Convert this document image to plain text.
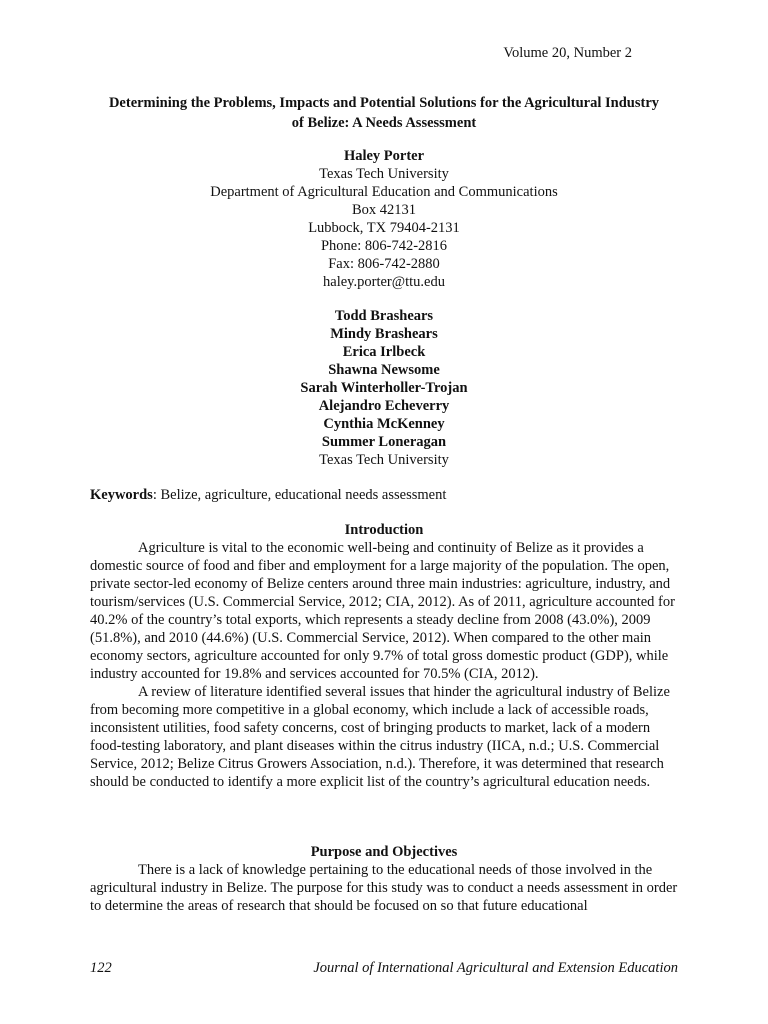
Volume 20, Number 2
Determining the Problems, Impacts and Potential Solutions for the Agricultural Industry
of Belize: A Needs Assessment
Haley Porter
Texas Tech University
Department of Agricultural Education and Communications
Box 42131
Lubbock, TX 79404-2131
Phone: 806-742-2816
Fax: 806-742-2880
haley.porter@ttu.edu
Todd Brashears
Mindy Brashears
Erica Irlbeck
Shawna Newsome
Sarah Winterholler-Trojan
Alejandro Echeverry
Cynthia McKenney
Summer Loneragan
Texas Tech University
Keywords: Belize, agriculture, educational needs assessment
Introduction

Agriculture is vital to the economic well-being and continuity of Belize as it provides a domestic source of food and fiber and employment for a large majority of the population. The open, private sector-led economy of Belize centers around three main industries: agriculture, industry, and tourism/services (U.S. Commercial Service, 2012; CIA, 2012). As of 2011, agriculture accounted for 40.2% of the country’s total exports, which represents a steady decline from 2008 (43.0%), 2009 (51.8%), and 2010 (44.6%) (U.S. Commercial Service, 2012). When compared to the other main economy sectors, agriculture accounted for only 9.7% of total gross domestic product (GDP), while industry accounted for 19.8% and services accounted for 70.5% (CIA, 2012).

A review of literature identified several issues that hinder the agricultural industry of Belize from becoming more competitive in a global economy, which include a lack of accessible roads, inconsistent utilities, food safety concerns, cost of bringing products to market, lack of a modern food-testing laboratory, and plant diseases within the citrus industry (IICA, n.d.; U.S. Commercial Service, 2012; Belize Citrus Growers Association, n.d.). Therefore, it was determined that research should be conducted to identify a more explicit list of the country’s agricultural education needs.

Purpose and Objectives

There is a lack of knowledge pertaining to the educational needs of those involved in the agricultural industry in Belize. The purpose for this study was to conduct a needs assessment in order to determine the areas of research that should be focused on so that future educational

122	Journal of International Agricultural and Extension Education
